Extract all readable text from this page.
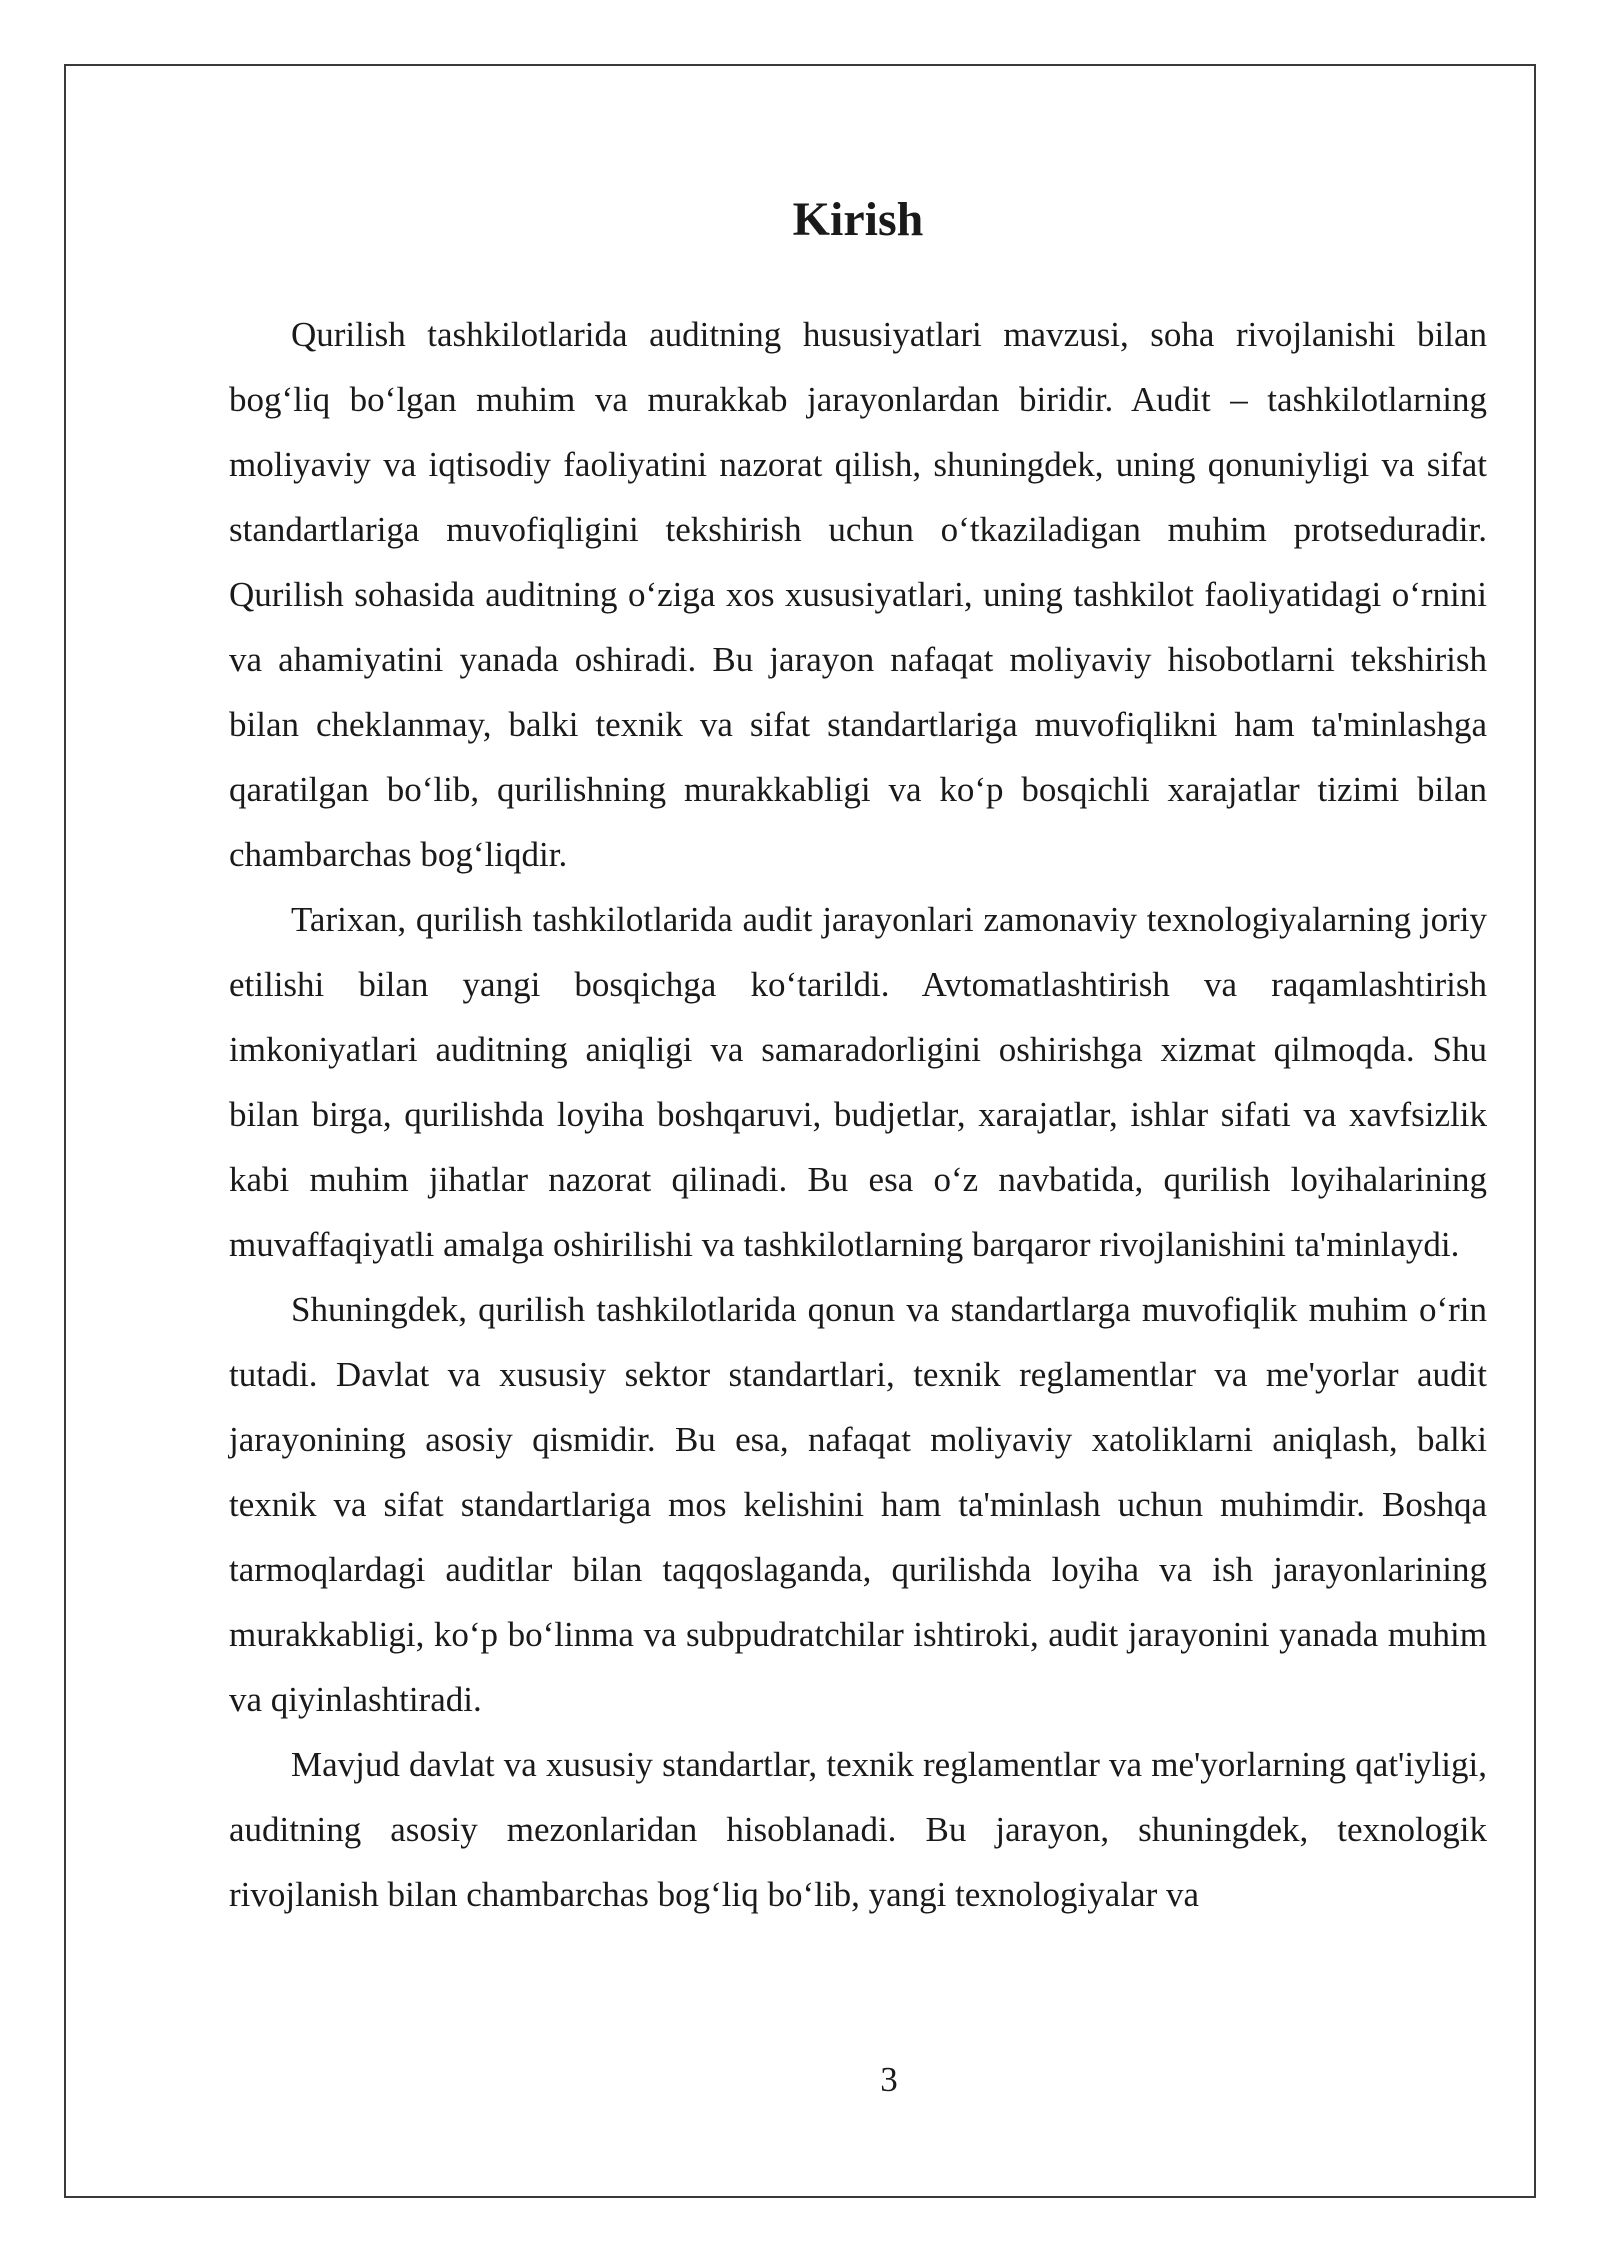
Kirish

Qurilish tashkilotlarida auditning hususiyatlari mavzusi, soha rivojlanishi bilan bog‘liq bo‘lgan muhim va murakkab jarayonlardan biridir. Audit – tashkilotlarning moliyaviy va iqtisodiy faoliyatini nazorat qilish, shuningdek, uning qonuniyligi va sifat standartlariga muvofiqligini tekshirish uchun o‘tkaziladigan muhim protseduradir. Qurilish sohasida auditning o‘ziga xos xususiyatlari, uning tashkilot faoliyatidagi o‘rnini va ahamiyatini yanada oshiradi. Bu jarayon nafaqat moliyaviy hisobotlarni tekshirish bilan cheklanmay, balki texnik va sifat standartlariga muvofiqlikni ham ta'minlashga qaratilgan bo‘lib, qurilishning murakkabligi va ko‘p bosqichli xarajatlar tizimi bilan chambarchas bog‘liqdir.

Tarixan, qurilish tashkilotlarida audit jarayonlari zamonaviy texnologiyalarning joriy etilishi bilan yangi bosqichga ko‘tarildi. Avtomatlashtirish va raqamlashtirish imkoniyatlari auditning aniqligi va samaradorligini oshirishga xizmat qilmoqda. Shu bilan birga, qurilishda loyiha boshqaruvi, budjetlar, xarajatlar, ishlar sifati va xavfsizlik kabi muhim jihatlar nazorat qilinadi. Bu esa o‘z navbatida, qurilish loyihalarining muvaffaqiyatli amalga oshirilishi va tashkilotlarning barqaror rivojlanishini ta'minlaydi.

Shuningdek, qurilish tashkilotlarida qonun va standartlarga muvofiqlik muhim o‘rin tutadi. Davlat va xususiy sektor standartlari, texnik reglamentlar va me'yorlar audit jarayonining asosiy qismidir. Bu esa, nafaqat moliyaviy xatoliklarni aniqlash, balki texnik va sifat standartlariga mos kelishini ham ta'minlash uchun muhimdir. Boshqa tarmoqlardagi auditlar bilan taqqoslaganda, qurilishda loyiha va ish jarayonlarining murakkabligi, ko‘p bo‘linma va subpudratchilar ishtiroki, audit jarayonini yanada muhim va qiyinlashtiradi.

Mavjud davlat va xususiy standartlar, texnik reglamentlar va me'yorlarning qat'iyligi, auditning asosiy mezonlaridan hisoblanadi. Bu jarayon, shuningdek, texnologik rivojlanish bilan chambarchas bog‘liq bo‘lib, yangi texnologiyalar va

3
